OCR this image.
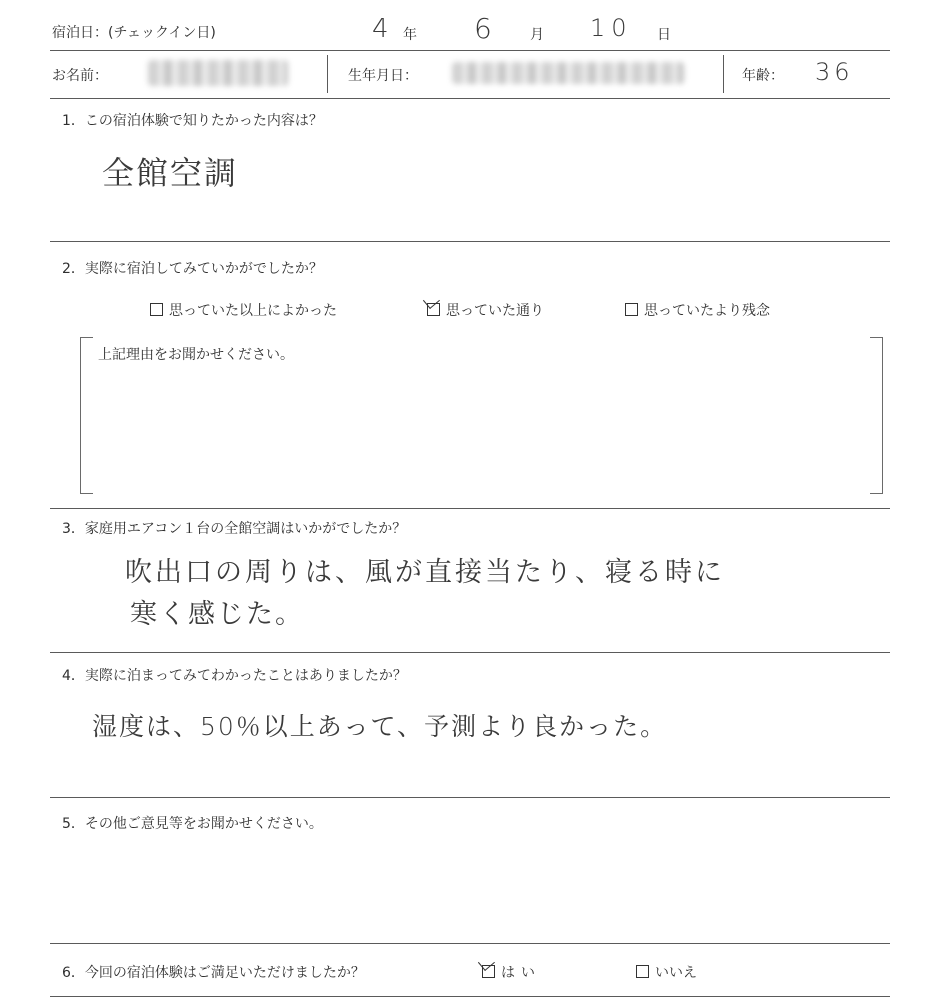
宿泊日：(チェックイン日)	4 年 6	月 10 日
お名前：	生年月日：	年齢： 36
1．この宿泊体験で知りたかった内容は？
全館空調
2．実際に宿泊してみていかがでしたか？
思っていた以上によかった	思っていた通り	思っていたより残念
上記理由をお聞かせください。
3．家庭用エアコン１台の全館空調はいかがでしたか？
吹出口の周りは、風が直接当たり、寝る時に
寒く感じた。
4．実際に泊まってみてわかったことはありましたか？
湿度は、50％以上あって、予測より良かった。
5．その他ご意見等をお聞かせください。
6．今回の宿泊体験はご満足いただけましたか？	はい	いいえ
